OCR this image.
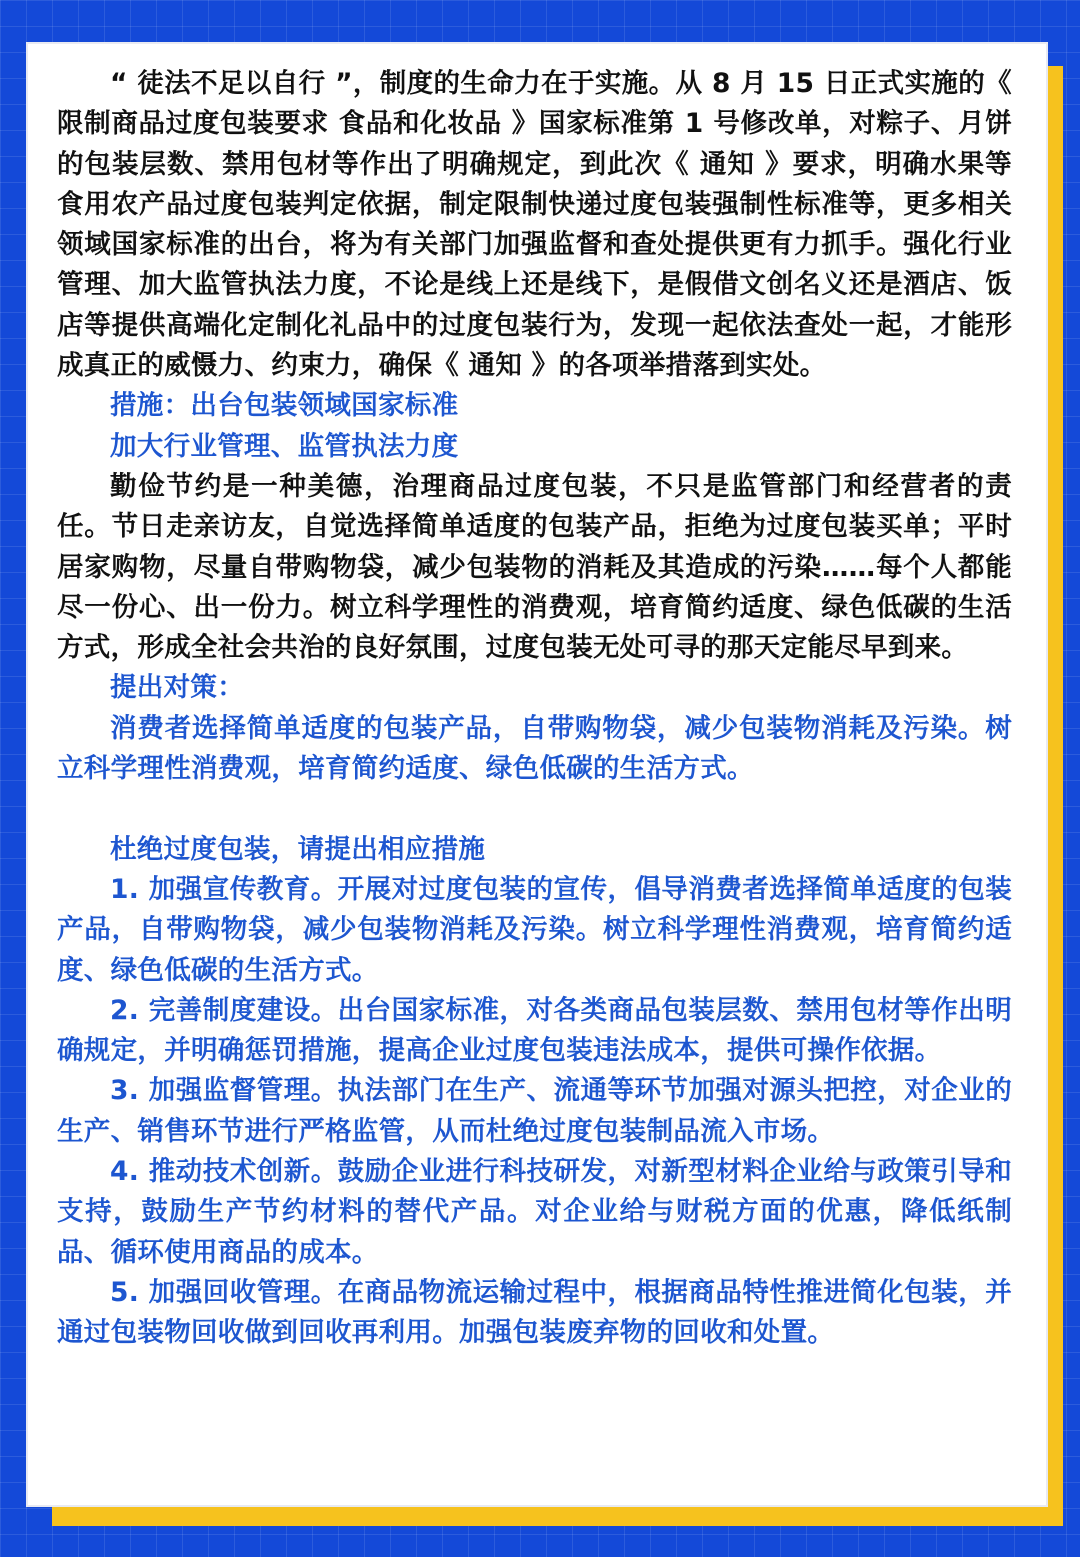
“ 徒法不足以自行 ”，制度的生命力在于实施。从 8 月 15 日正式实施的《 限制商品过度包装要求 食品和化妆品 》国家标准第 1 号修改单，对粽子、月饼的包装层数、禁用包材等作出了明确规定，到此次《 通知 》要求，明确水果等食用农产品过度包装判定依据，制定限制快递过度包装强制性标准等，更多相关领域国家标准的出台，将为有关部门加强监督和查处提供更有力抓手。强化行业管理、加大监管执法力度，不论是线上还是线下，是假借文创名义还是酒店、饭店等提供高端化定制化礼品中的过度包装行为，发现一起依法查处一起，才能形成真正的威慑力、约束力，确保《 通知 》的各项举措落到实处。

措施：出台包装领域国家标准

加大行业管理、监管执法力度

勤俭节约是一种美德，治理商品过度包装，不只是监管部门和经营者的责任。节日走亲访友，自觉选择简单适度的包装产品，拒绝为过度包装买单；平时居家购物，尽量自带购物袋，减少包装物的消耗及其造成的污染……每个人都能尽一份心、出一份力。树立科学理性的消费观，培育简约适度、绿色低碳的生活方式，形成全社会共治的良好氛围，过度包装无处可寻的那天定能尽早到来。

提出对策：

消费者选择简单适度的包装产品，自带购物袋，减少包装物消耗及污染。树立科学理性消费观，培育简约适度、绿色低碳的生活方式。

杜绝过度包装，请提出相应措施

1. 加强宣传教育。开展对过度包装的宣传，倡导消费者选择简单适度的包装产品，自带购物袋，减少包装物消耗及污染。树立科学理性消费观，培育简约适度、绿色低碳的生活方式。

2. 完善制度建设。出台国家标准，对各类商品包装层数、禁用包材等作出明确规定，并明确惩罚措施，提高企业过度包装违法成本，提供可操作依据。

3. 加强监督管理。执法部门在生产、流通等环节加强对源头把控，对企业的生产、销售环节进行严格监管，从而杜绝过度包装制品流入市场。

4. 推动技术创新。鼓励企业进行科技研发，对新型材料企业给与政策引导和支持，鼓励生产节约材料的替代产品。对企业给与财税方面的优惠，降低纸制品、循环使用商品的成本。

5. 加强回收管理。在商品物流运输过程中，根据商品特性推进简化包装，并通过包装物回收做到回收再利用。加强包装废弃物的回收和处置。
